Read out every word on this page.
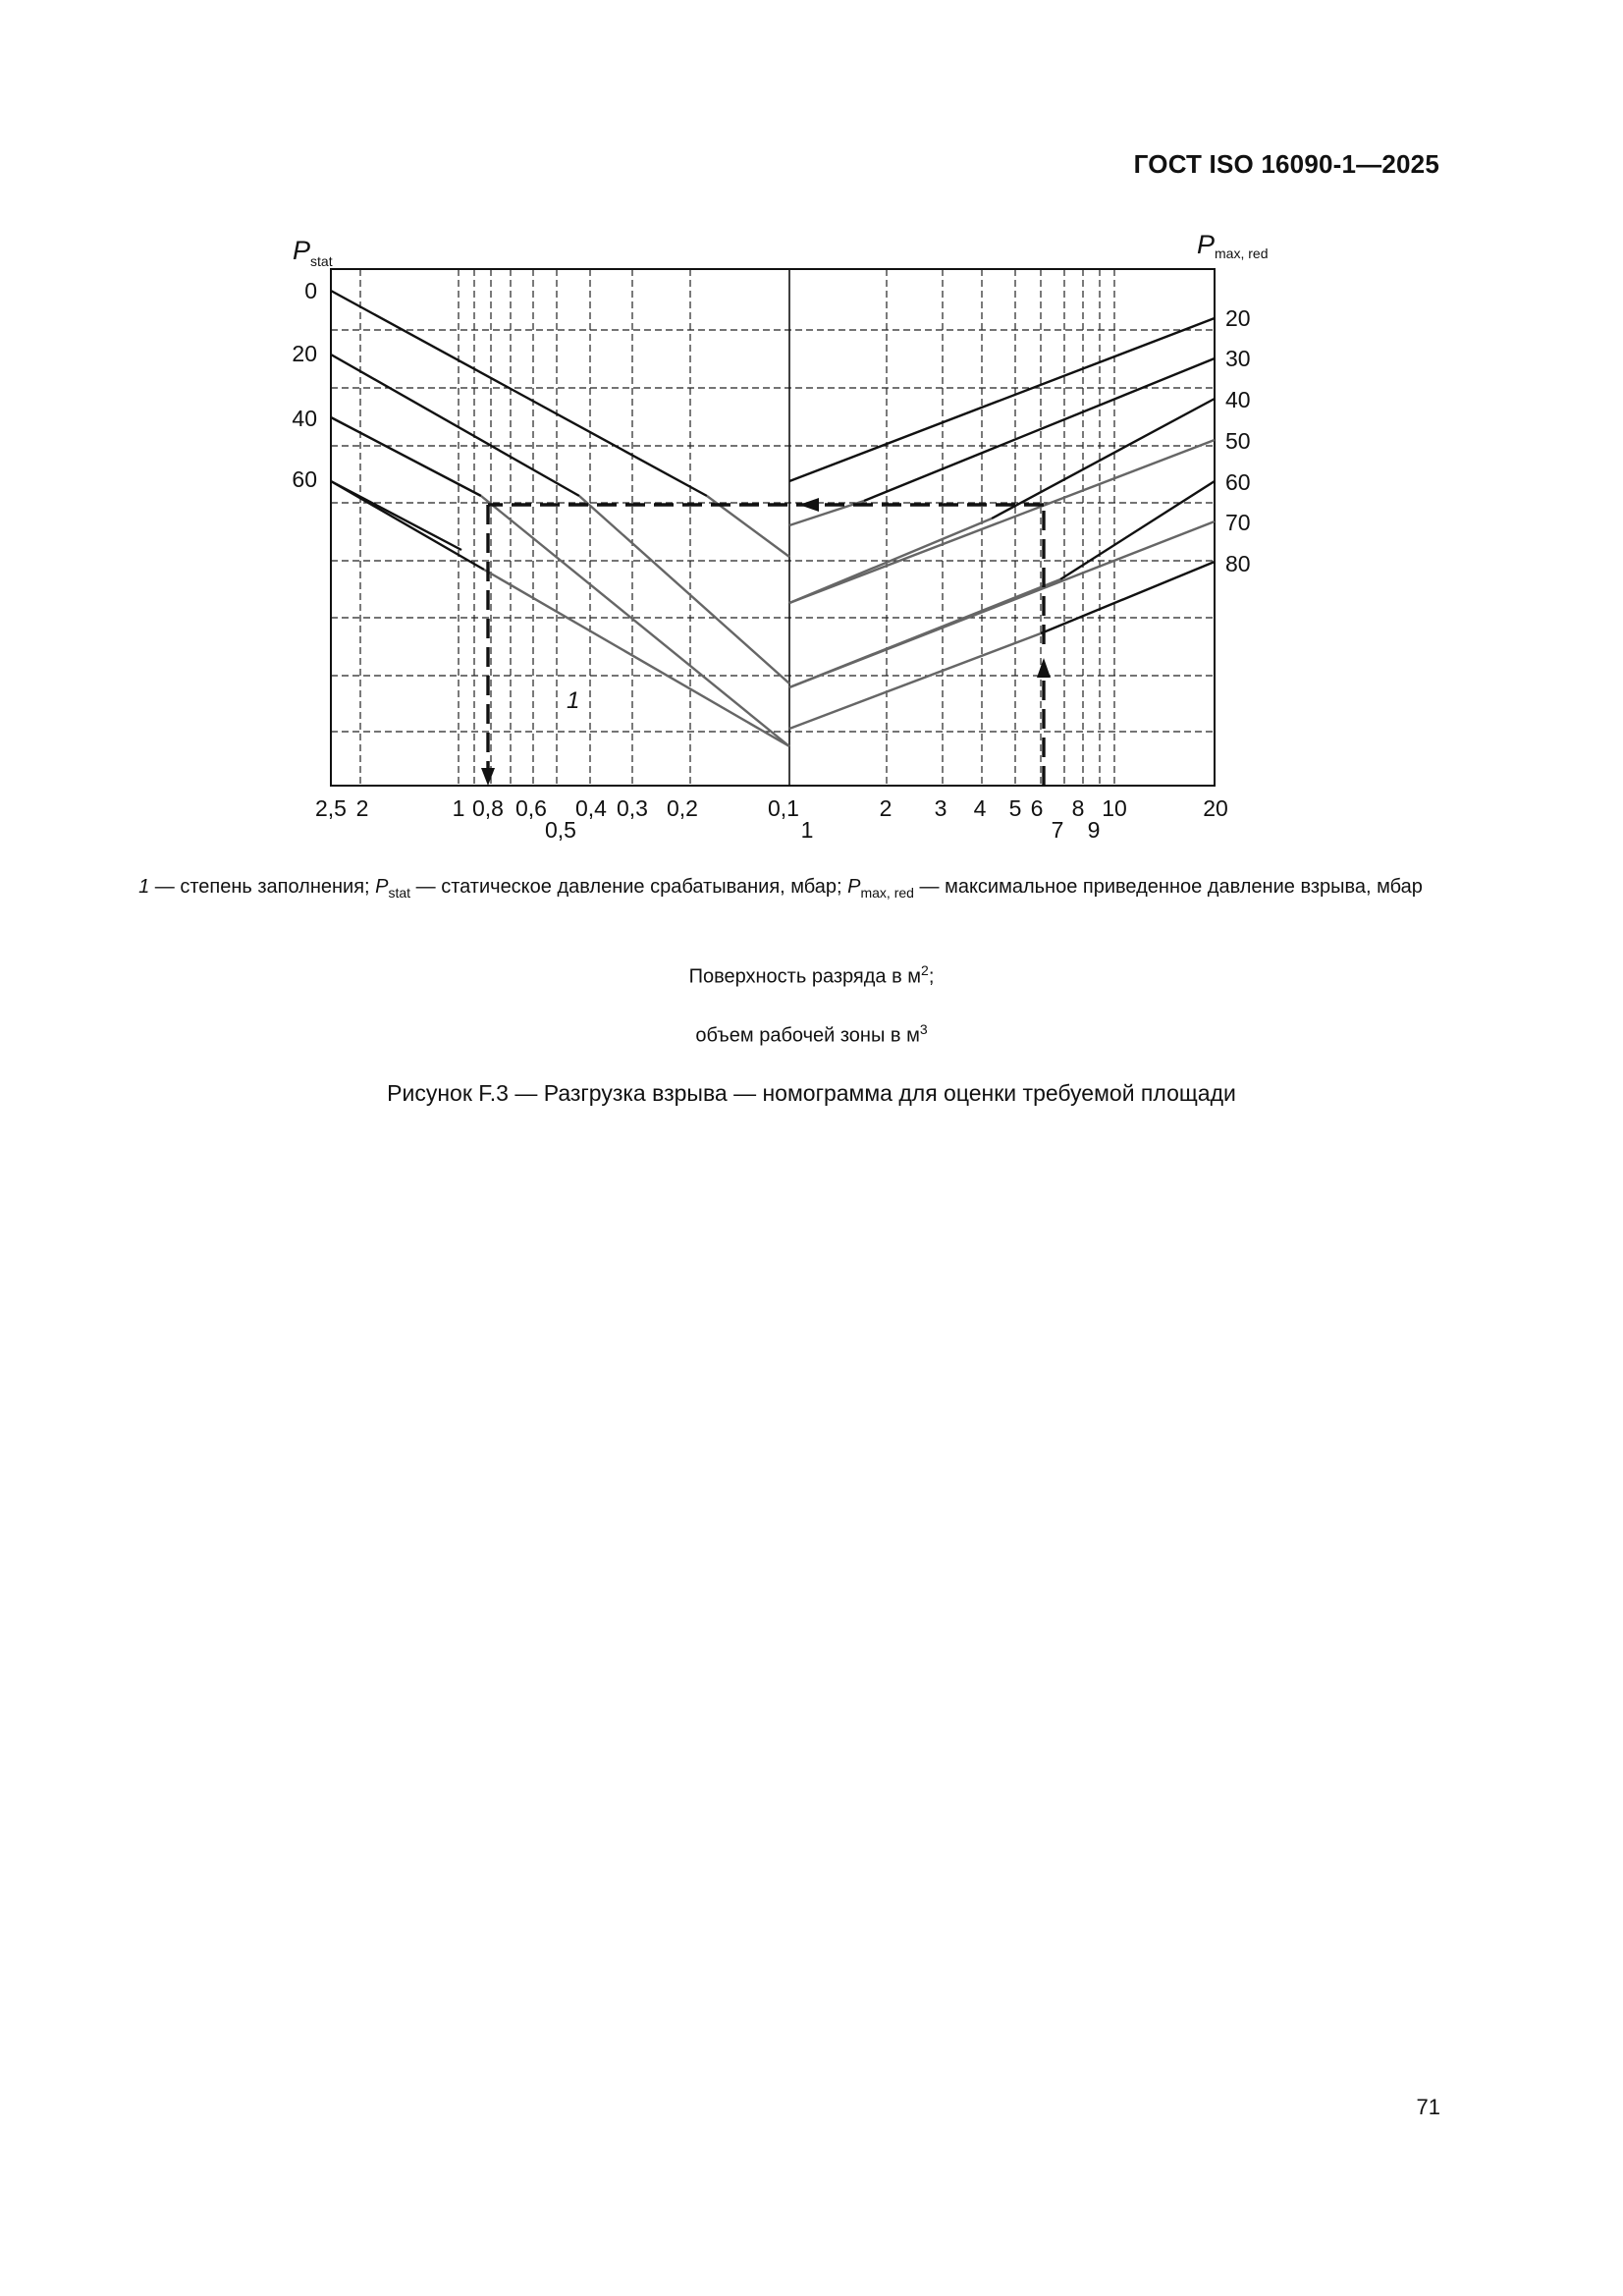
ГОСТ ISO 16090-1—2025
$P_{stat}$
Pmax, red
1
0
20
40
60
20
30
40
50
60
70
80
2,5 2	1 0,8 0,6
0,5
0,4 0,3 0,2	0,1
1
2 3 4 5 6
7
8
9
10	20
1 — степень заполнения; $P_{stat}$ — статическое давление срабатывания, мбар; $P_{max, red}$ — максимальное приведенное давление взрыва, мбар
Поверхность разряда в $м^2$;
объем рабочей зоны в $м^3$
Рисунок F.3 — Разгрузка взрыва — номограмма для оценки требуемой площади
71
